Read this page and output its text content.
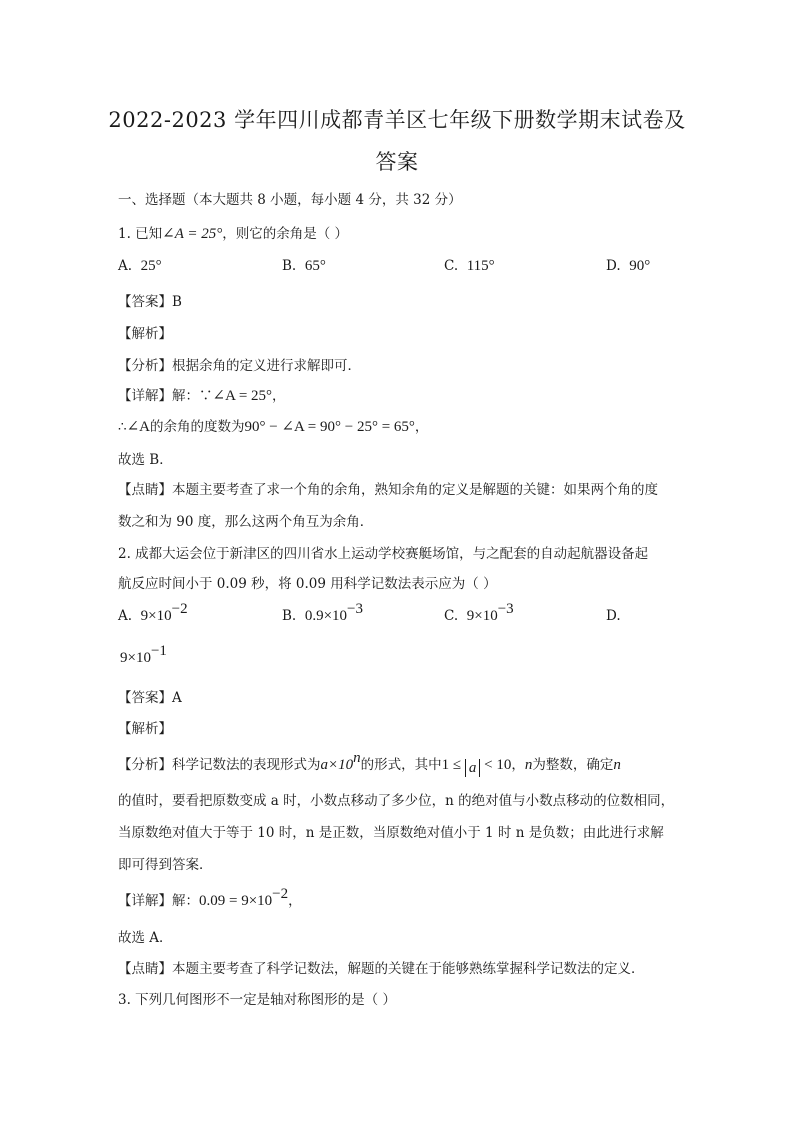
2022-2023 学年四川成都青羊区七年级下册数学期末试卷及
答案
一、选择题（本大题共 8 小题，每小题 4 分，共 32 分）
1. 已知∠A = 25°，则它的余角是（ ）
A. 25°	B. 65°	C. 115°	D. 90°
【答案】B
【解析】
【分析】根据余角的定义进行求解即可．
【详解】解：∵∠A = 25°，
∴∠A的余角的度数为90° − ∠A = 90° − 25° = 65°，
故选 B．
【点睛】本题主要考查了求一个角的余角，熟知余角的定义是解题的关键：如果两个角的度
数之和为 90 度，那么这两个角互为余角．
2. 成都大运会位于新津区的四川省水上运动学校赛艇场馆，与之配套的自动起航器设备起
航反应时间小于 0.09 秒，将 0.09 用科学记数法表示应为（ ）
A. $9\times 10^{-2}$	B. $0.9\times 10^{-3}$	C. $9\times 10^{-3}$	D.
$9\times 10^{-1}$
【答案】A
【解析】
【分析】科学记数法的表现形式为$a\times 10^n$的形式，其中1 ≤ a < 10，n为整数，确定n
的值时，要看把原数变成 a 时，小数点移动了多少位，n 的绝对值与小数点移动的位数相同，
当原数绝对值大于等于 10 时，n 是正数，当原数绝对值小于 1 时 n 是负数；由此进行求解
即可得到答案．
【详解】解：$0.09 = 9\times 10^{-2}$，
故选 A．
【点睛】本题主要考查了科学记数法，解题的关键在于能够熟练掌握科学记数法的定义．
3. 下列几何图形不一定是轴对称图形的是（ ）
